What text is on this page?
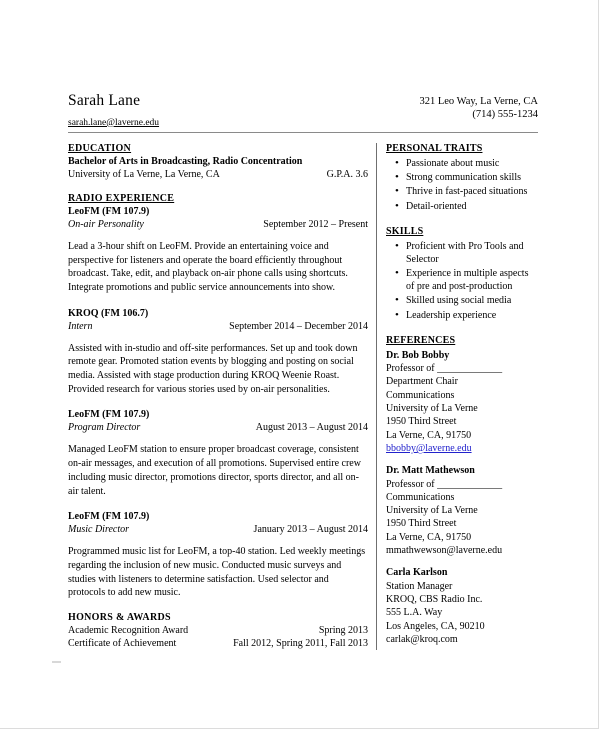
Sarah Lane
sarah.lane@laverne.edu
321 Leo Way, La Verne, CA
(714) 555-1234
EDUCATION
Bachelor of Arts in Broadcasting, Radio Concentration
University of La Verne, La Verne, CA	G.P.A. 3.6
RADIO EXPERIENCE
LeoFM (FM 107.9)
On-air Personality	September 2012 – Present

Lead a 3-hour shift on LeoFM. Provide an entertaining voice and perspective for listeners and operate the board efficiently throughout broadcast. Take, edit, and playback on-air phone calls using shortcuts. Integrate promotions and public service announcements into show.

KROQ (FM 106.7)
Intern	September 2014 – December 2014

Assisted with in-studio and off-site performances. Set up and took down remote gear. Promoted station events by blogging and posting on social media. Assisted with stage production during KROQ Weenie Roast. Provided research for various stories used by on-air personalities.

LeoFM (FM 107.9)
Program Director	August 2013 – August 2014

Managed LeoFM station to ensure proper broadcast coverage, consistent on-air messages, and execution of all promotions. Supervised entire crew including music director, promotions director, sports director, and all on-air talent.

LeoFM (FM 107.9)
Music Director	January 2013 – August 2014

Programmed music list for LeoFM, a top-40 station. Led weekly meetings regarding the inclusion of new music. Conducted music surveys and studies with listeners to determine satisfaction. Used selector and protocols to add new music.

HONORS & AWARDS
Academic Recognition Award	Spring 2013
Certificate of Achievement	Fall 2012, Spring 2011, Fall 2013
PERSONAL TRAITS
• Passionate about music
• Strong communication skills
• Thrive in fast-paced situations
• Detail-oriented
SKILLS
• Proficient with Pro Tools and Selector
• Experience in multiple aspects of pre and post-production
• Skilled using social media
• Leadership experience
REFERENCES
Dr. Bob Bobby
Professor of _____________
Department Chair
Communications
University of La Verne
1950 Third Street
La Verne, CA, 91750
bbobby@laverne.edu
Dr. Matt Mathewson
Professor of _____________
Communications
University of La Verne
1950 Third Street
La Verne, CA, 91750
mmathwewson@laverne.edu
Carla Karlson
Station Manager
KROQ, CBS Radio Inc.
555 L.A. Way
Los Angeles, CA, 90210
carlak@kroq.com
